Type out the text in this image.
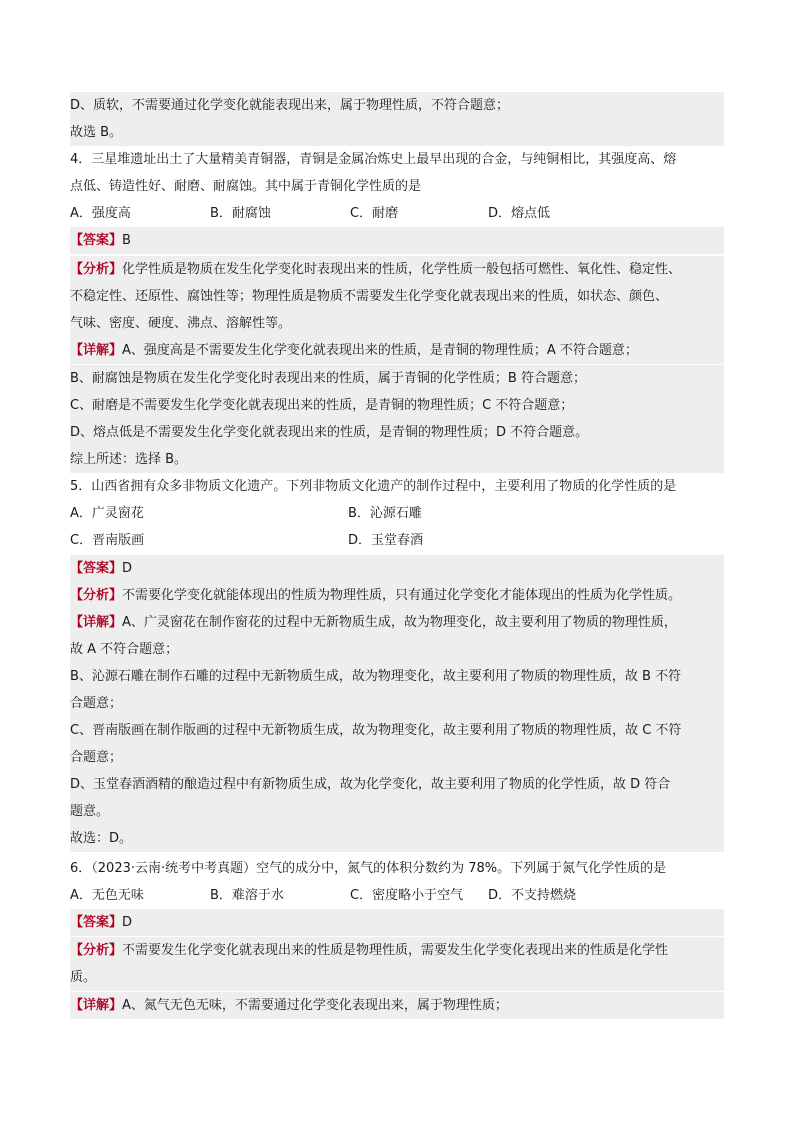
D、质软，不需要通过化学变化就能表现出来，属于物理性质，不符合题意；
故选 B。
4．三星堆遗址出土了大量精美青铜器，青铜是金属冶炼史上最早出现的合金，与纯铜相比，其强度高、熔
点低、铸造性好、耐磨、耐腐蚀。其中属于青铜化学性质的是
A．强度高	B．耐腐蚀	C．耐磨	D．熔点低
【答案】B
【分析】化学性质是物质在发生化学变化时表现出来的性质，化学性质一般包括可燃性、氧化性、稳定性、
不稳定性、还原性、腐蚀性等；物理性质是物质不需要发生化学变化就表现出来的性质，如状态、颜色、
气味、密度、硬度、沸点、溶解性等。
【详解】A、强度高是不需要发生化学变化就表现出来的性质，是青铜的物理性质；A 不符合题意；
B、耐腐蚀是物质在发生化学变化时表现出来的性质，属于青铜的化学性质；B 符合题意；
C、耐磨是不需要发生化学变化就表现出来的性质，是青铜的物理性质；C 不符合题意；
D、熔点低是不需要发生化学变化就表现出来的性质，是青铜的物理性质；D 不符合题意。
综上所述：选择 B。
5．山西省拥有众多非物质文化遗产。下列非物质文化遗产的制作过程中，主要利用了物质的化学性质的是
A．广灵窗花	B．沁源石雕
C．晋南版画	D．玉堂春酒
【答案】D
【分析】不需要化学变化就能体现出的性质为物理性质，只有通过化学变化才能体现出的性质为化学性质。
【详解】A、广灵窗花在制作窗花的过程中无新物质生成，故为物理变化，故主要利用了物质的物理性质，
故 A 不符合题意；
B、沁源石雕在制作石雕的过程中无新物质生成，故为物理变化，故主要利用了物质的物理性质，故 B 不符
合题意；
C、晋南版画在制作版画的过程中无新物质生成，故为物理变化，故主要利用了物质的物理性质，故 C 不符
合题意；
D、玉堂春酒酒精的酿造过程中有新物质生成，故为化学变化，故主要利用了物质的化学性质，故 D 符合
题意。
故选：D。
6．（2023·云南·统考中考真题）空气的成分中，氮气的体积分数约为 78%。下列属于氮气化学性质的是
A．无色无味	B．难溶于水	C．密度略小于空气 D．不支持燃烧
【答案】D
【分析】不需要发生化学变化就表现出来的性质是物理性质，需要发生化学变化表现出来的性质是化学性
质。
【详解】A、氮气无色无味，不需要通过化学变化表现出来，属于物理性质；
